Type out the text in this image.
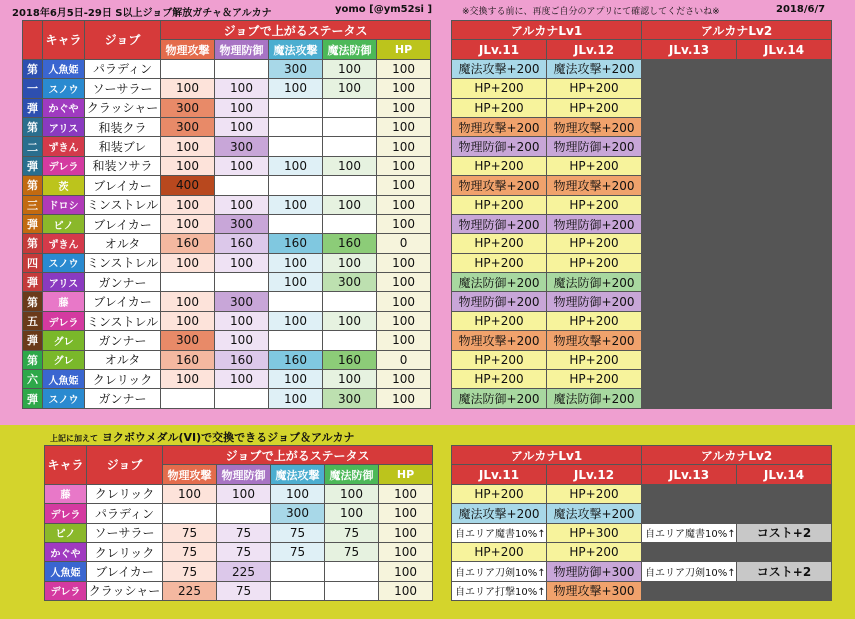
2018年6月5日-29日 S以上ジョブ解放ガチャ＆アルカナ	yomo [@ym52si ]	※交換する前に、再度ご自分のアプリにて確認してくださいね※	2018/6/7
	キャラ	ジョブ	ジョブで上がるステータス				
			物理攻撃	物理防御	魔法攻撃	魔法防御	HP
第	人魚姫	パラディン			300	100	100
一	スノウ	ソーサラー	100	100	100	100	100
弾	かぐや	クラッシャー	300	100			100
第	アリス	和装クラ	300	100			100
二	ずきん	和装ブレ	100	300			100
弾	デレラ	和装ソサラ	100	100	100	100	100
第	茨	ブレイカー	400				100
三	ドロシ	ミンストレル	100	100	100	100	100
弾	ピノ	ブレイカー	100	300			100
第	ずきん	オルタ	160	160	160	160	0
四	スノウ	ミンストレル	100	100	100	100	100
弾	アリス	ガンナー			100	300	100
第	藤	ブレイカー	100	300			100
五	デレラ	ミンストレル	100	100	100	100	100
弾	グレ	ガンナー	300	100			100
第	グレ	オルタ	160	160	160	160	0
六	人魚姫	クレリック	100	100	100	100	100
弾	スノウ	ガンナー			100	300	100
アルカナLv1		アルカナLv2	
JLv.11	JLv.12	JLv.13	JLv.14
魔法攻撃+200	魔法攻撃+200		
HP+200	HP+200		
HP+200	HP+200		
物理攻撃+200	物理攻撃+200		
物理防御+200	物理防御+200		
HP+200	HP+200		
物理攻撃+200	物理攻撃+200		
HP+200	HP+200		
物理防御+200	物理防御+200		
HP+200	HP+200		
HP+200	HP+200		
魔法防御+200	魔法防御+200		
物理防御+200	物理防御+200		
HP+200	HP+200		
物理攻撃+200	物理攻撃+200		
HP+200	HP+200		
HP+200	HP+200		
魔法防御+200	魔法防御+200		
上記に加えて ヨクボウメダル(VI)で交換できるジョブ＆アルカナ
キャラ	ジョブ	ジョブで上がるステータス				
		物理攻撃	物理防御	魔法攻撃	魔法防御	HP
藤	クレリック	100	100	100	100	100
デレラ	パラディン			300	100	100
ピノ	ソーサラー	75	75	75	75	100
かぐや	クレリック	75	75	75	75	100
人魚姫	ブレイカー	75	225			100
デレラ	クラッシャー	225	75			100
アルカナLv1		アルカナLv2	
JLv.11	JLv.12	JLv.13	JLv.14
HP+200	HP+200		
魔法攻撃+200	魔法攻撃+200		
自エリア魔書10%↑	HP+300	自エリア魔書10%↑	コスト+2
HP+200	HP+200		
自エリア刀剣10%↑	物理防御+300	自エリア刀剣10%↑	コスト+2
自エリア打撃10%↑	物理攻撃+300		
